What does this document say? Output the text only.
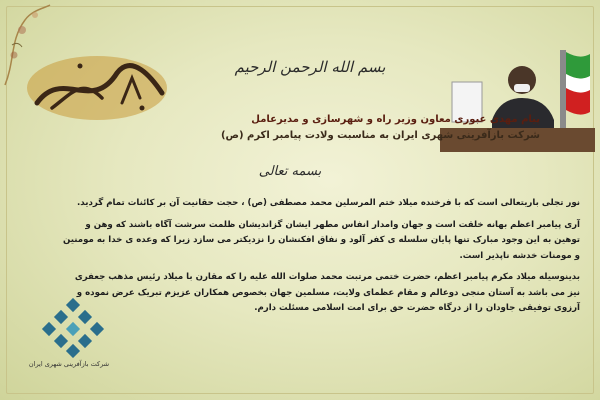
بسم الله الرحمن الرحیم
پیام مهدی عبوری معاون وزیر راه و شهرسازی و مدیرعامل
شرکت بازآفرینی شهری ایران به مناسبت ولادت پیامبر اکرم (ص)
بسمه تعالی

نور تجلی باریتعالی است که با فرخنده میلاد ختم المرسلین محمد مصطفی (ص) ، حجت حقانیت آن بر کائنات تمام گردید.

آری پیامبر اعظم بهانه خلقت است و جهان وامدار انفاس مطهر ایشان گزاندیشان ظلمت سرشت آگاه باشند که وهن و توهین به این وجود مبارک تنها پایان سلسله ی کفر آلود و نفاق افکنشان را نزدیکتر می سازد زیرا که وعده ی خدا به مومنین و مومنات خدشه ناپذیر است.

بدینوسیله میلاد مکرم پیامبر اعظم، حضرت ختمی مرتبت محمد صلوات الله علیه را که مقارن با میلاد رئیس مذهب جعفری نیز می باشد به آستان منجی دوعالم و مقام عظمای ولایت، مسلمین جهان بخصوص همکاران عزیزم تبریک عرض نموده و آرزوی توفیقی جاودان را از درگاه حضرت حق برای امت اسلامی مسئلت دارم.

شرکت بازآفرینی شهری ایران
